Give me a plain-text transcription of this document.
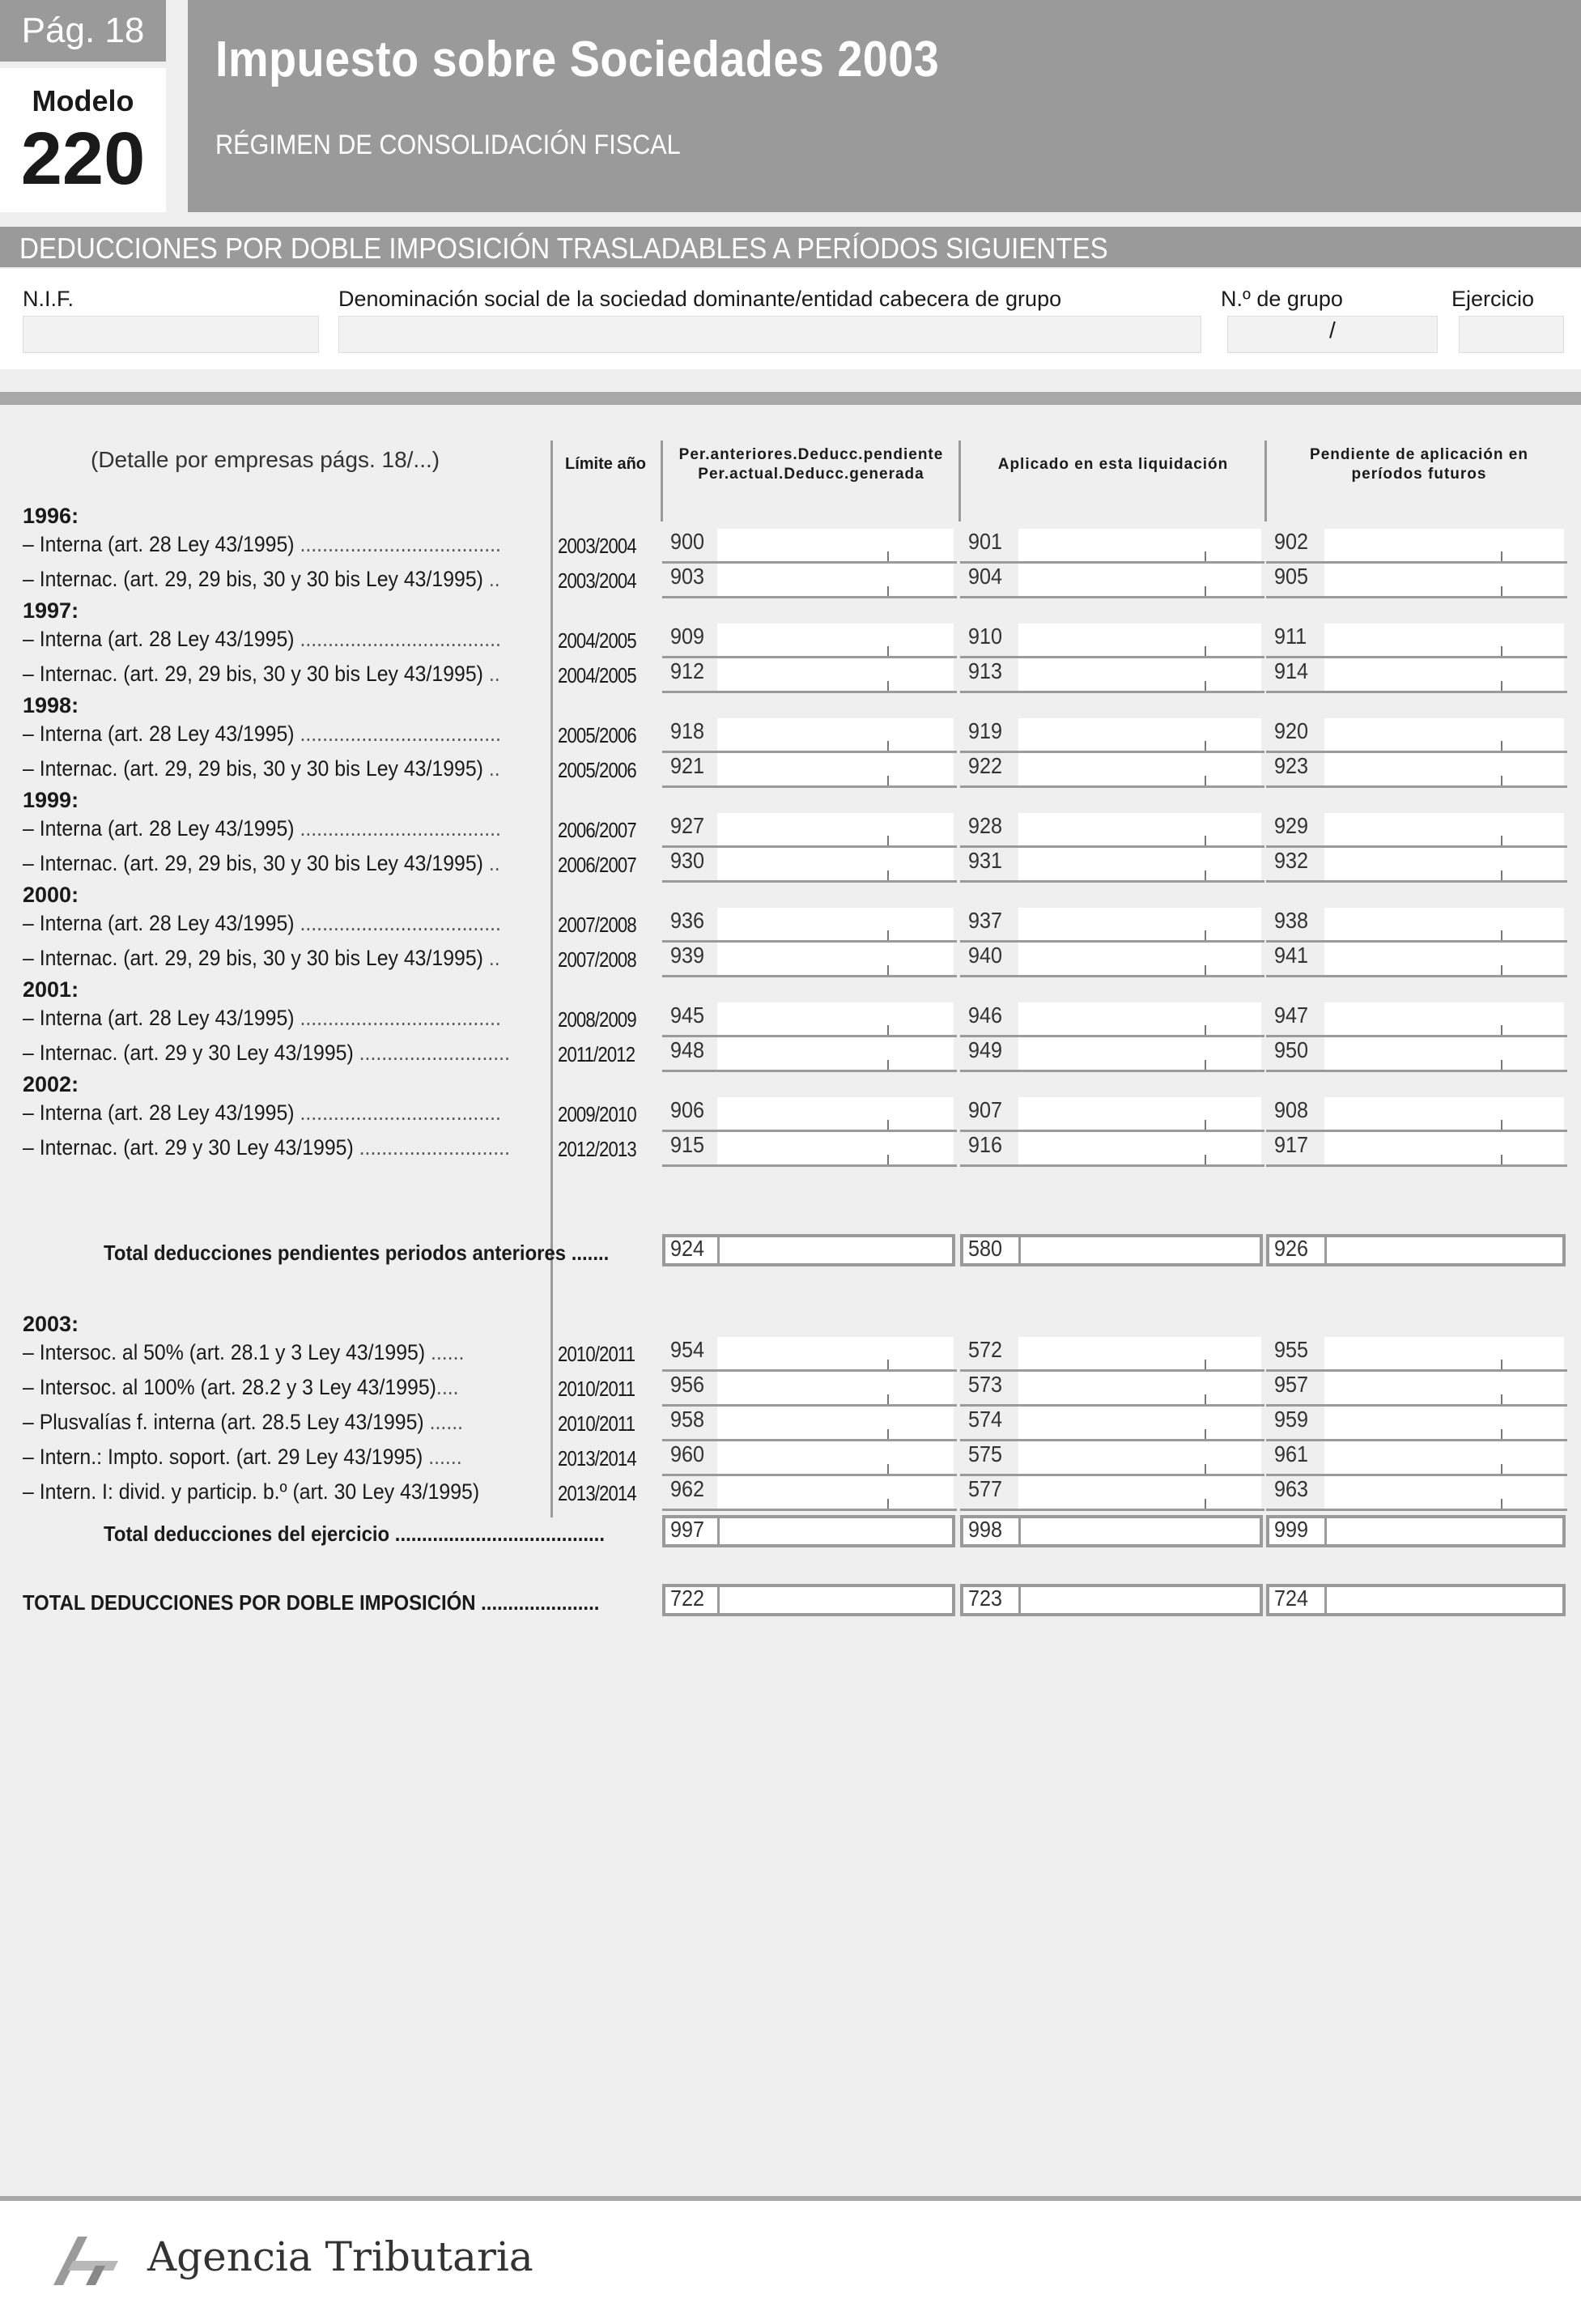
Pág. 18
Modelo
220
Impuesto sobre Sociedades 2003
RÉGIMEN DE CONSOLIDACIÓN FISCAL
DEDUCCIONES POR DOBLE IMPOSICIÓN TRASLADABLES A PERÍODOS SIGUIENTES
N.I.F.	Denominación social de la sociedad dominante/entidad cabecera de grupo	N.º de grupo	Ejercicio
/
(Detalle por empresas págs. 18/...)	Límite año
Per.anteriores.Deducc.pendiente
Per.actual.Deducc.generada
Aplicado en esta liquidación
Pendiente de aplicación en
períodos futuros
1996:
– Interna (art. 28 Ley 43/1995) ....................................	2003/2004 900	901	902
– Internac. (art. 29, 29 bis, 30 y 30 bis Ley 43/1995) ..	2003/2004 903	904	905
1997:
– Interna (art. 28 Ley 43/1995) ....................................	2004/2005 909	910	911
– Internac. (art. 29, 29 bis, 30 y 30 bis Ley 43/1995) ..	2004/2005 912	913	914
1998:
– Interna (art. 28 Ley 43/1995) ....................................	2005/2006 918	919	920
– Internac. (art. 29, 29 bis, 30 y 30 bis Ley 43/1995) ..	2005/2006 921	922	923
1999:
– Interna (art. 28 Ley 43/1995) ....................................	2006/2007 927	928	929
– Internac. (art. 29, 29 bis, 30 y 30 bis Ley 43/1995) ..	2006/2007 930	931	932
2000:
– Interna (art. 28 Ley 43/1995) ....................................	2007/2008 936	937	938
– Internac. (art. 29, 29 bis, 30 y 30 bis Ley 43/1995) ..	2007/2008 939	940	941
2001:
– Interna (art. 28 Ley 43/1995) ....................................	2008/2009 945	946	947
– Internac. (art. 29 y 30 Ley 43/1995) ........................... 2011/2012 948	949	950
2002:
– Interna (art. 28 Ley 43/1995) ....................................	2009/2010 906	907	908
– Internac. (art. 29 y 30 Ley 43/1995) ........................... 2012/2013 915	916	917
Total deducciones pendientes periodos anteriores .......	924	580	926
2003:
– Intersoc. al 50% (art. 28.1 y 3 Ley 43/1995) ......	2010/2011 954	572	955
– Intersoc. al 100% (art. 28.2 y 3 Ley 43/1995)....	2010/2011 956	573	957
– Plusvalías f. interna (art. 28.5 Ley 43/1995) ......	2010/2011 958	574	959
– Intern.: Impto. soport. (art. 29 Ley 43/1995) ......	2013/2014 960	575	961
– Intern. I: divid. y particip. b.º (art. 30 Ley 43/1995)	2013/2014 962	577	963
Total deducciones del ejercicio .......................................	997	998	999
TOTAL DEDUCCIONES POR DOBLE IMPOSICIÓN ......................	722	723	724
Agencia Tributaria
